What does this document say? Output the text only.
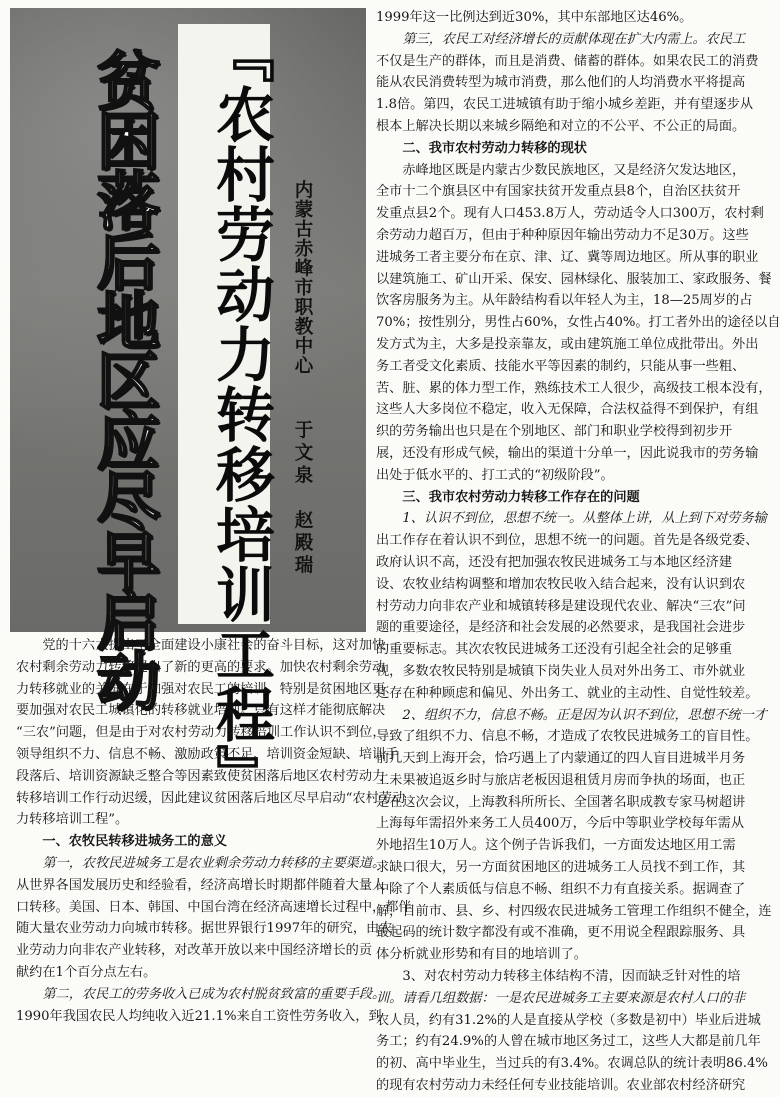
贫困落后地区应尽早启动 『农村劳动力转移培训工程』 内蒙古赤峰市职教中心
于文泉　赵殿瑞
1999年这一比例达到近30%，其中东部地区达46%。
　　第三，农民工对经济增长的贡献体现在扩大内需上。农民工
不仅是生产的群体，而且是消费、储蓄的群体。如果农民工的消费
能从农民消费转型为城市消费，那么他们的人均消费水平将提高
1.8倍。第四，农民工进城镇有助于缩小城乡差距，并有望逐步从
根本上解决长期以来城乡隔绝和对立的不公平、不公正的局面。
　　二、我市农村劳动力转移的现状
　　赤峰地区既是内蒙古少数民族地区，又是经济欠发达地区，
全市十二个旗县区中有国家扶贫开发重点县8个，自治区扶贫开
发重点县2个。现有人口453.8万人，劳动适令人口300万，农村剩
余劳动力超百万，但由于种种原因年输出劳动力不足30万。这些
进城务工者主要分布在京、津、辽、冀等周边地区。所从事的职业
以建筑施工、矿山开采、保安、园林绿化、服装加工、家政服务、餐
饮客房服务为主。从年龄结构看以年轻人为主，18—25周岁的占
70%；按性别分，男性占60%，女性占40%。打工者外出的途径以自
发方式为主，大多是投亲靠友，或由建筑施工单位成批带出。外出
务工者受文化素质、技能水平等因素的制约，只能从事一些粗、
苦、脏、累的体力型工作，熟练技术工人很少，高级技工根本没有，
这些人大多岗位不稳定，收入无保障，合法权益得不到保护，有组
织的劳务输出也只是在个别地区、部门和职业学校得到初步开
展，还没有形成气候，输出的渠道十分单一，因此说我市的劳务输
出处于低水平的、打工式的“初级阶段”。
　　三、我市农村劳动力转移工作存在的问题
　　1、认识不到位，思想不统一。从整体上讲，从上到下对劳务输
出工作存在着认识不到位，思想不统一的问题。首先是各级党委、
政府认识不高，还没有把加强农牧民进城务工与本地区经济建
设、农牧业结构调整和增加农牧民收入结合起来，没有认识到农
村劳动力向非农产业和城镇转移是建设现代农业、解决“三农”问
题的重要途径，是经济和社会发展的必然要求，是我国社会进步
的重要标志。其次农牧民进城务工还没有引起全社会的足够重
视，多数农牧民特别是城镇下岗失业人员对外出务工、市外就业
还存在种种顾虑和偏见、外出务工、就业的主动性、自觉性较差。
　　2、组织不力，信息不畅。正是因为认识不到位，思想不统一才
导致了组织不力、信息不畅，才造成了农牧民进城务工的盲目性。
前几天到上海开会，恰巧遇上了内蒙通辽的四人盲目进城半月务
工未果被追返乡时与旅店老板因退租赁月房而争执的场面，也正
是在这次会议，上海教科所所长、全国著名职成教专家马树超讲
上海每年需招外来务工人员400万，今后中等职业学校每年需从
外地招生10万人。这个例子告诉我们，一方面发达地区用工需
求缺口很大，另一方面贫困地区的进城务工人员找不到工作，其
中除了个人素质低与信息不畅、组织不力有直接关系。据调查了
解，目前市、县、乡、村四级农民进城务工管理工作组织不健全，连
最起码的统计数字都没有或不准确，更不用说全程跟踪服务、具
体分析就业形势和有目的地培训了。
　　3、对农村劳动力转移主体结构不清，因而缺乏针对性的培
训。请看几组数据：一是农民进城务工主要来源是农村人口的非
农人员，约有31.2%的人是直接从学校（多数是初中）毕业后进城
务工；约有24.9%的人曾在城市地区务过工，这些人大都是前几年
的初、高中毕业生，当过兵的有3.4%。农调总队的统计表明86.4%
的现有农村劳动力未经任何专业技能培训。农业部农村经济研究
　　党的十六大提出了全面建设小康社会的奋斗目标，这对加快
农村剩余劳动力转移提出了新的更高的要求。加快农村剩余劳动
力转移就业的关键在于加强对农民工的培训，特别是贫困地区更
要加强对农民工城镇化的转移就业培训。只有这样才能彻底解决
“三农”问题，但是由于对农村劳动力转移培训工作认识不到位，
领导组织不力、信息不畅、激励政策不足、培训资金短缺、培训手
段落后、培训资源缺乏整合等因素致使贫困落后地区农村劳动力
转移培训工作行动迟缓，因此建议贫困落后地区尽早启动“农村劳动
力转移培训工程”。
　　一、农牧民转移进城务工的意义
　　第一，农牧民进城务工是农业剩余劳动力转移的主要渠道。
从世界各国发展历史和经验看，经济高增长时期都伴随着大量人
口转移。美国、日本、韩国、中国台湾在经济高速增长过程中，都伴
随大量农业劳动力向城市转移。据世界银行1997年的研究，由农
业劳动力向非农产业转移，对改革开放以来中国经济增长的贡
献约在1个百分点左右。
　　第二，农民工的劳务收入已成为农村脱贫致富的重要手段。
1990年我国农民人均纯收入近21.1%来自工资性劳务收入，到
